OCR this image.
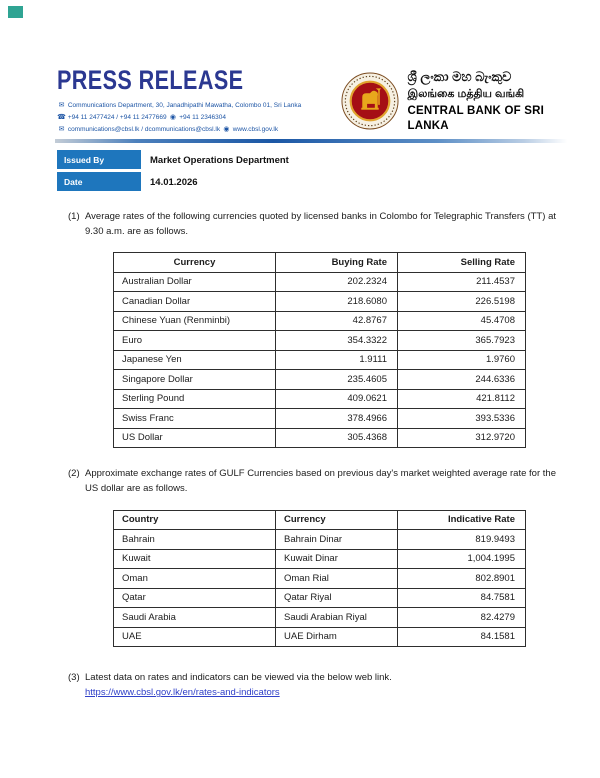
PRESS RELEASE
✉ Communications Department, 30, Janadhipathi Mawatha, Colombo 01, Sri Lanka
☎ +94 11 2477424 / +94 11 2477669 ◉ +94 11 2346304
✉ communications@cbsl.lk / dcommunications@cbsl.lk ◉ www.cbsl.gov.lk
ශ්‍රී ලංකා මහ බැංකුව
இலங்கை மத்திய வங்கி
CENTRAL BANK OF SRI LANKA
Issued By	Market Operations Department
Date	14.01.2026
(1) Average rates of the following currencies quoted by licensed banks in Colombo for Telegraphic Transfers (TT) at 9.30 a.m. are as follows.
Currency	Buying Rate	Selling Rate
Australian Dollar	202.2324	211.4537
Canadian Dollar	218.6080	226.5198
Chinese Yuan (Renminbi)	42.8767	45.4708
Euro	354.3322	365.7923
Japanese Yen	1.9111	1.9760
Singapore Dollar	235.4605	244.6336
Sterling Pound	409.0621	421.8112
Swiss Franc	378.4966	393.5336
US Dollar	305.4368	312.9720
(2) Approximate exchange rates of GULF Currencies based on previous day's market weighted average rate for the US dollar are as follows.
Country	Currency	Indicative Rate
Bahrain	Bahrain Dinar	819.9493
Kuwait	Kuwait Dinar	1,004.1995
Oman	Oman Rial	802.8901
Qatar	Qatar Riyal	84.7581
Saudi Arabia	Saudi Arabian Riyal	82.4279
UAE	UAE Dirham	84.1581
(3) Latest data on rates and indicators can be viewed via the below web link.
https://www.cbsl.gov.lk/en/rates-and-indicators
